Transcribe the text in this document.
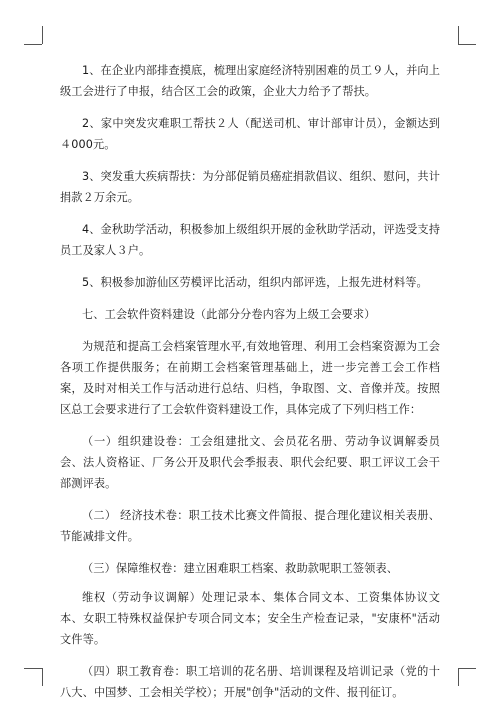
1、在企业内部排查摸底，梳理出家庭经济特别困难的员工９人，并向上级工会进行了申报，结合区工会的政策，企业大力给予了帮扶。

2、家中突发灾难职工帮扶２人（配送司机、审计部审计员），金额达到４000元。

3、突发重大疾病帮扶：为分部促销员癌症捐款倡议、组织、慰问，共计捐款２万余元。

4、金秋助学活动，积极参加上级组织开展的金秋助学活动，评选受支持员工及家人３户。

5、积极参加游仙区劳模评比活动，组织内部评选，上报先进材料等。

七、工会软件资料建设（此部分分卷内容为上级工会要求）

为规范和提高工会档案管理水平,有效地管理、利用工会档案资源为工会各项工作提供服务；在前期工会档案管理基础上，进一步完善工会工作档案，及时对相关工作与活动进行总结、归档，争取图、文、音像并茂。按照区总工会要求进行了工会软件资料建设工作，具体完成了下列归档工作：

（一）组织建设卷：工会组建批文、会员花名册、劳动争议调解委员会、法人资格证、厂务公开及职代会季报表、职代会纪要、职工评议工会干部测评表。

（二） 经济技术卷：职工技术比赛文件简报、提合理化建议相关表册、节能减排文件。

（三）保障维权卷：建立困难职工档案、救助款呢职工签领表、

维权（劳动争议调解）处理记录本、集体合同文本、工资集体协议文本、女职工特殊权益保护专项合同文本；安全生产检查记录，"安康杯"活动文件等。

（四）职工教育卷：职工培训的花名册、培训课程及培训记录（党的十八大、中国梦、工会相关学校）；开展"创争"活动的文件、报刊征订。
